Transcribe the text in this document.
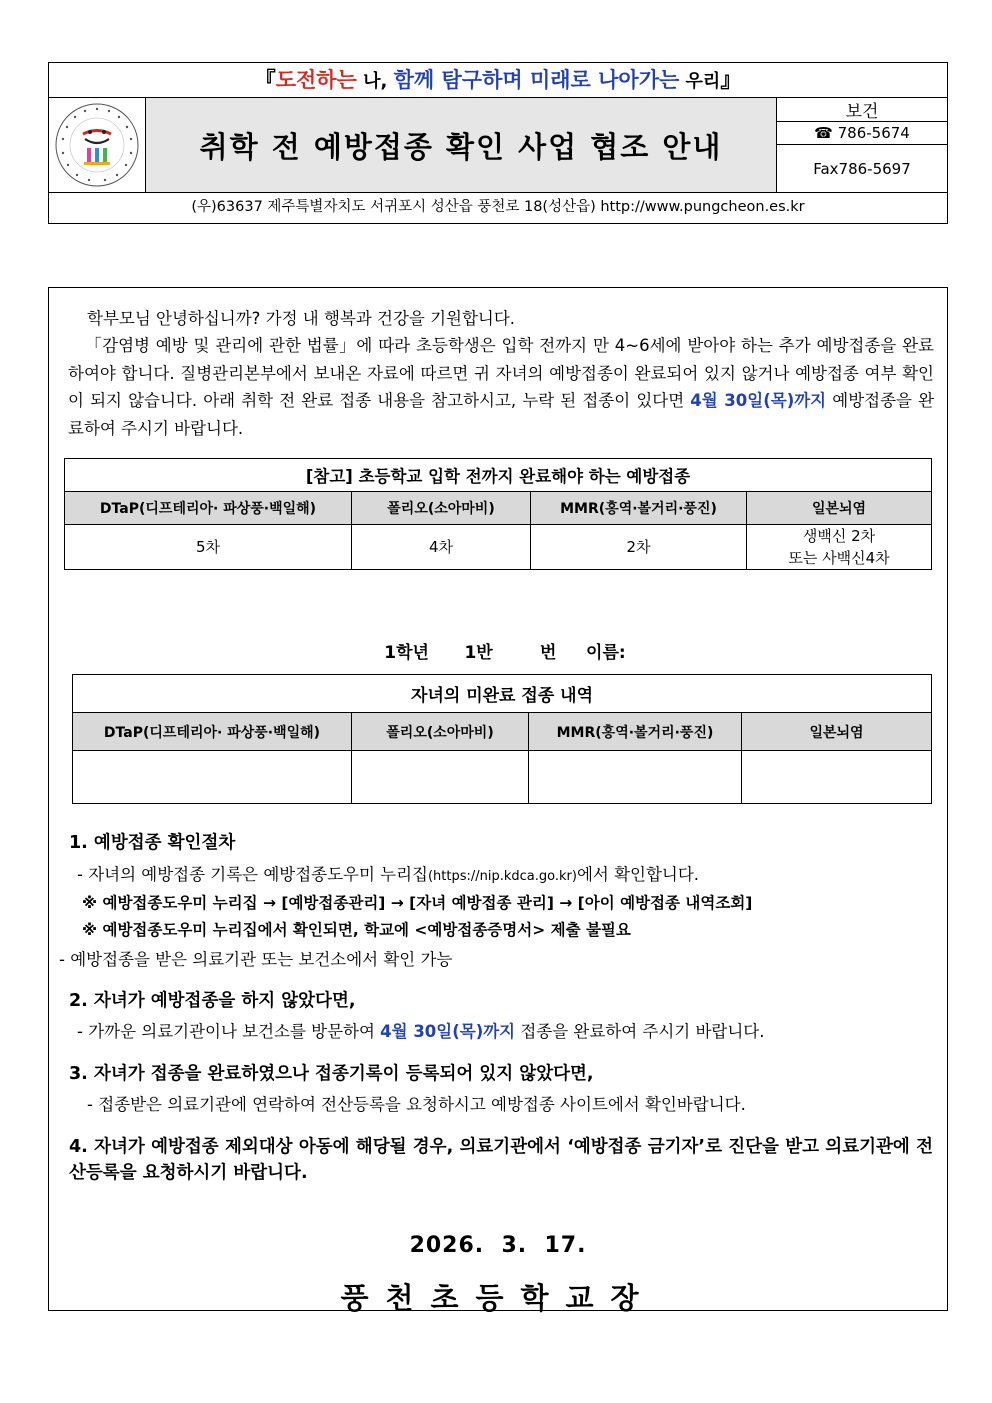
『도전하는 나, 함께 탐구하며 미래로 나아가는 우리』
취학 전 예방접종 확인 사업 협조 안내
보건
☎ 786-5674
Fax786-5697
(우)63637 제주특별자치도 서귀포시 성산읍 풍천로 18(성산읍) http://www.pungcheon.es.kr
학부모님 안녕하십니까? 가정 내 행복과 건강을 기원합니다.
「감염병 예방 및 관리에 관한 법률」에 따라 초등학생은 입학 전까지 만 4~6세에 받아야 하는 추가 예방접종을 완료하여야 합니다. 질병관리본부에서 보내온 자료에 따르면 귀 자녀의 예방접종이 완료되어 있지 않거나 예방접종 여부 확인이 되지 않습니다. 아래 취학 전 완료 접종 내용을 참고하시고, 누락 된 접종이 있다면 4월 30일(목)까지 예방접종을 완료하여 주시기 바랍니다.
[참고] 초등학교 입학 전까지 완료해야 하는 예방접종			
DTaP(디프테리아· 파상풍·백일해)	폴리오(소아마비)	MMR(홍역·볼거리·풍진)	일본뇌염
5차	4차	2차	생백신 2차
또는 사백신4차
1학년      1반        번     이름:
자녀의 미완료 접종 내역			
DTaP(디프테리아· 파상풍·백일해)	폴리오(소아마비)	MMR(홍역·볼거리·풍진)	일본뇌염

1. 예방접종 확인절차
- 자녀의 예방접종 기록은 예방접종도우미 누리집(https://nip.kdca.go.kr)에서 확인합니다.
※ 예방접종도우미 누리집 → [예방접종관리] → [자녀 예방접종 관리] → [아이 예방접종 내역조회]
※ 예방접종도우미 누리집에서 확인되면, 학교에 <예방접종증명서> 제출 불필요
- 예방접종을 받은 의료기관 또는 보건소에서 확인 가능
2. 자녀가 예방접종을 하지 않았다면,
- 가까운 의료기관이나 보건소를 방문하여 4월 30일(목)까지 접종을 완료하여 주시기 바랍니다.
3. 자녀가 접종을 완료하였으나 접종기록이 등록되어 있지 않았다면,
- 접종받은 의료기관에 연락하여 전산등록을 요청하시고 예방접종 사이트에서 확인바랍니다.
4. 자녀가 예방접종 제외대상 아동에 해당될 경우, 의료기관에서 ‘예방접종 금기자’로 진단을 받고 의료기관에 전산등록을 요청하시기 바랍니다.
2026.  3.  17.
풍천초등학교장
